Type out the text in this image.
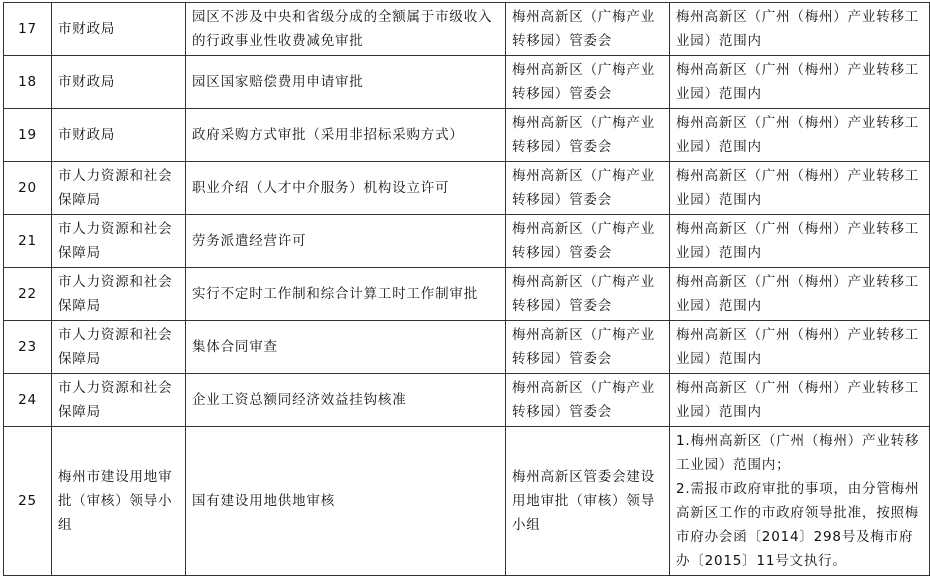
17	市财政局	园区不涉及中央和省级分成的全额属于市级收入的行政事业性收费减免审批	梅州高新区（广梅产业转移园）管委会	梅州高新区（广州（梅州）产业转移工业园）范围内
18	市财政局	园区国家赔偿费用申请审批	梅州高新区（广梅产业转移园）管委会	梅州高新区（广州（梅州）产业转移工业园）范围内
19	市财政局	政府采购方式审批（采用非招标采购方式）	梅州高新区（广梅产业转移园）管委会	梅州高新区（广州（梅州）产业转移工业园）范围内
20	市人力资源和社会保障局	职业介绍（人才中介服务）机构设立许可	梅州高新区（广梅产业转移园）管委会	梅州高新区（广州（梅州）产业转移工业园）范围内
21	市人力资源和社会保障局	劳务派遣经营许可	梅州高新区（广梅产业转移园）管委会	梅州高新区（广州（梅州）产业转移工业园）范围内
22	市人力资源和社会保障局	实行不定时工作制和综合计算工时工作制审批	梅州高新区（广梅产业转移园）管委会	梅州高新区（广州（梅州）产业转移工业园）范围内
23	市人力资源和社会保障局	集体合同审查	梅州高新区（广梅产业转移园）管委会	梅州高新区（广州（梅州）产业转移工业园）范围内
24	市人力资源和社会保障局	企业工资总额同经济效益挂钩核准	梅州高新区（广梅产业转移园）管委会	梅州高新区（广州（梅州）产业转移工业园）范围内
25	梅州市建设用地审批（审核）领导小组	国有建设用地供地审核	梅州高新区管委会建设用地审批（审核）领导小组	1.梅州高新区（广州（梅州）产业转移工业园）范围内；
2.需报市政府审批的事项，由分管梅州高新区工作的市政府领导批准，按照梅市府办会函〔2014〕298号及梅市府办〔2015〕11号文执行。
